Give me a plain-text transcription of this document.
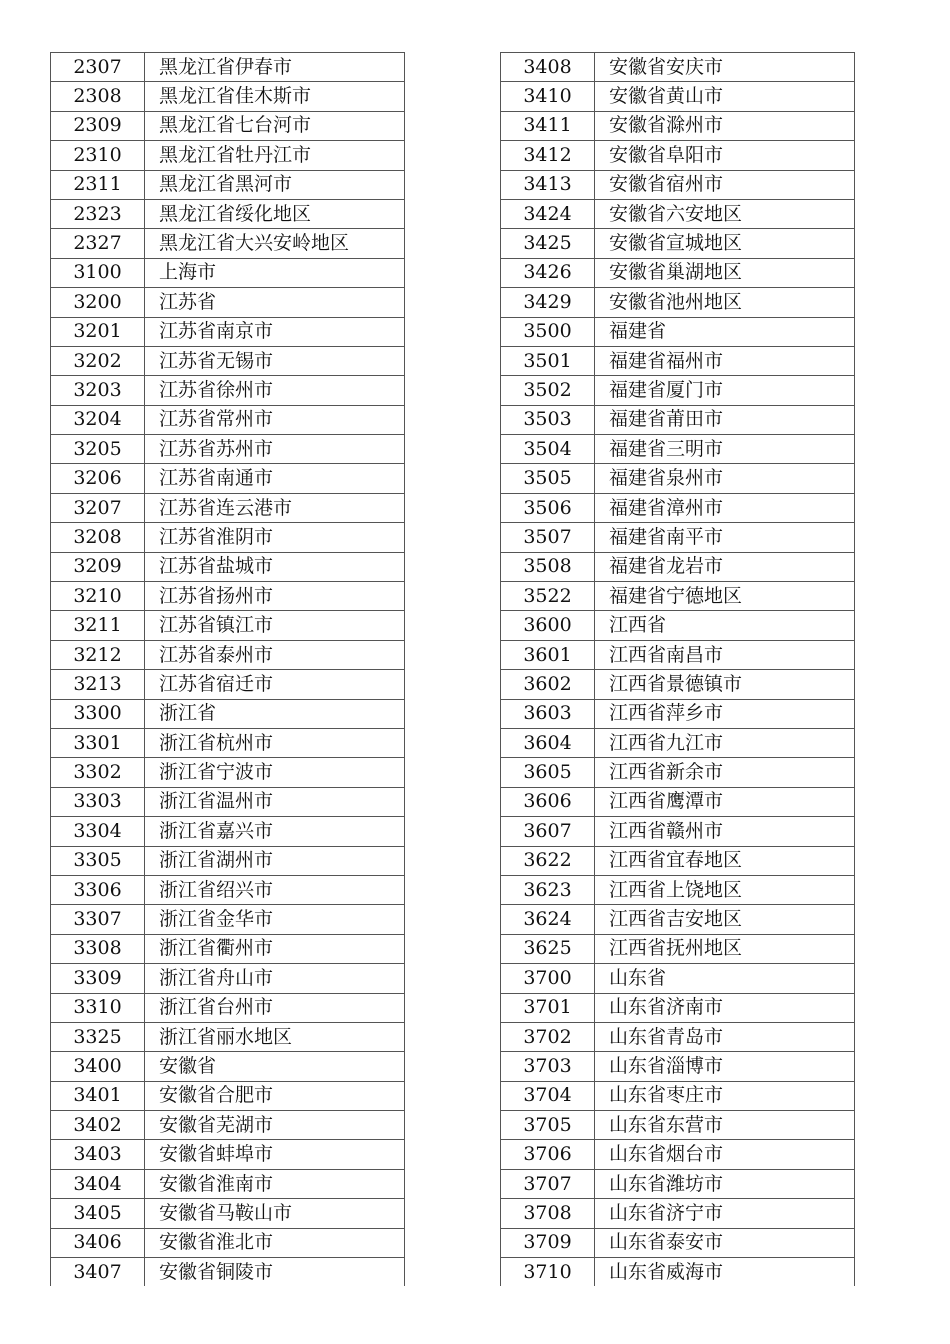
2307	黑龙江省伊春市
2308	黑龙江省佳木斯市
2309	黑龙江省七台河市
2310	黑龙江省牡丹江市
2311	黑龙江省黑河市
2323	黑龙江省绥化地区
2327	黑龙江省大兴安岭地区
3100	上海市
3200	江苏省
3201	江苏省南京市
3202	江苏省无锡市
3203	江苏省徐州市
3204	江苏省常州市
3205	江苏省苏州市
3206	江苏省南通市
3207	江苏省连云港市
3208	江苏省淮阴市
3209	江苏省盐城市
3210	江苏省扬州市
3211	江苏省镇江市
3212	江苏省泰州市
3213	江苏省宿迁市
3300	浙江省
3301	浙江省杭州市
3302	浙江省宁波市
3303	浙江省温州市
3304	浙江省嘉兴市
3305	浙江省湖州市
3306	浙江省绍兴市
3307	浙江省金华市
3308	浙江省衢州市
3309	浙江省舟山市
3310	浙江省台州市
3325	浙江省丽水地区
3400	安徽省
3401	安徽省合肥市
3402	安徽省芜湖市
3403	安徽省蚌埠市
3404	安徽省淮南市
3405	安徽省马鞍山市
3406	安徽省淮北市
3407	安徽省铜陵市
3408	安徽省安庆市
3410	安徽省黄山市
3411	安徽省滁州市
3412	安徽省阜阳市
3413	安徽省宿州市
3424	安徽省六安地区
3425	安徽省宣城地区
3426	安徽省巢湖地区
3429	安徽省池州地区
3500	福建省
3501	福建省福州市
3502	福建省厦门市
3503	福建省莆田市
3504	福建省三明市
3505	福建省泉州市
3506	福建省漳州市
3507	福建省南平市
3508	福建省龙岩市
3522	福建省宁德地区
3600	江西省
3601	江西省南昌市
3602	江西省景德镇市
3603	江西省萍乡市
3604	江西省九江市
3605	江西省新余市
3606	江西省鹰潭市
3607	江西省赣州市
3622	江西省宜春地区
3623	江西省上饶地区
3624	江西省吉安地区
3625	江西省抚州地区
3700	山东省
3701	山东省济南市
3702	山东省青岛市
3703	山东省淄博市
3704	山东省枣庄市
3705	山东省东营市
3706	山东省烟台市
3707	山东省潍坊市
3708	山东省济宁市
3709	山东省泰安市
3710	山东省威海市
